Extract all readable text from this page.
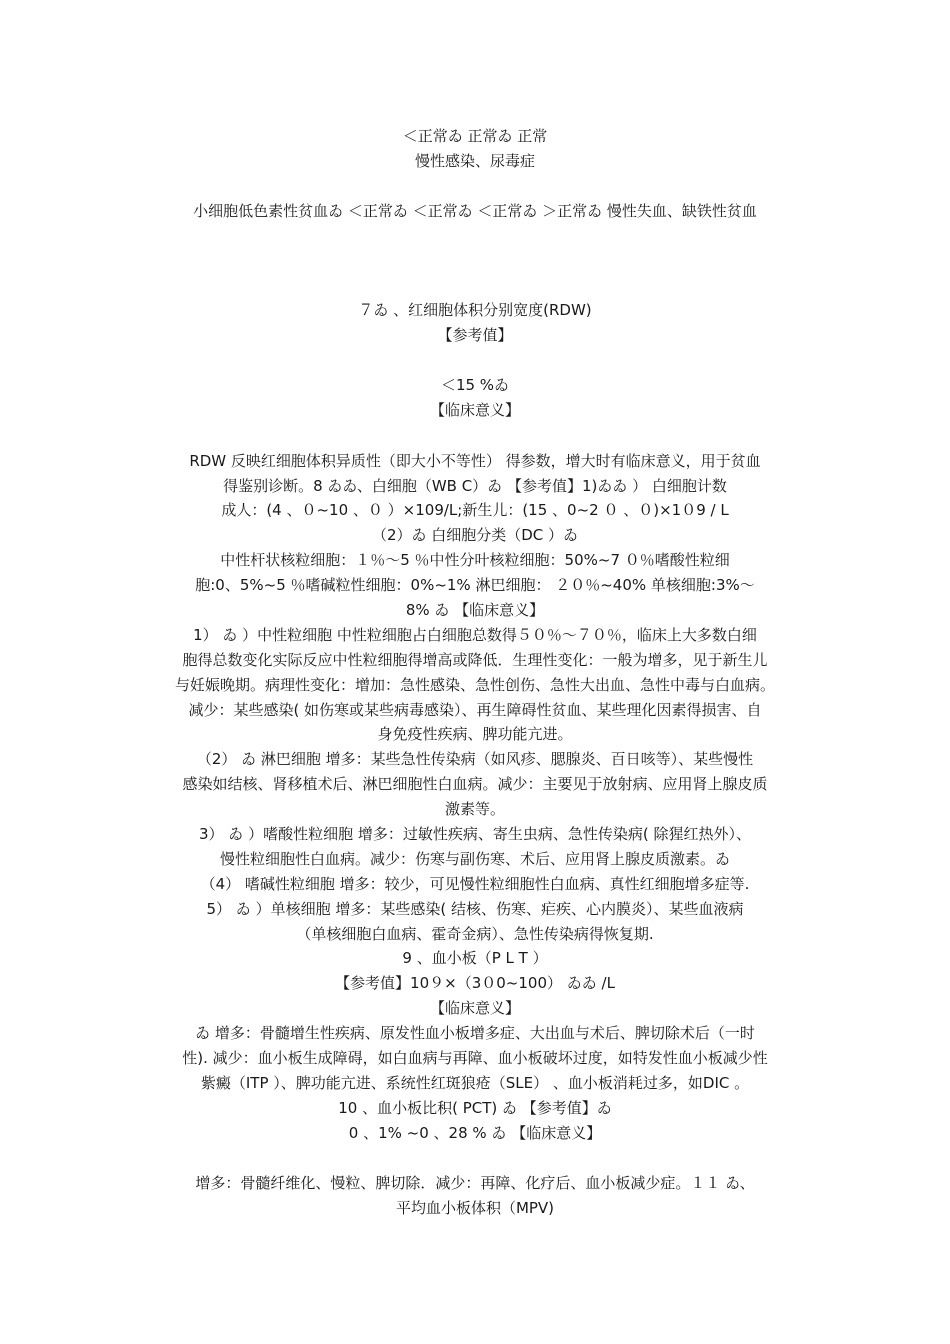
＜正常ゐ 正常ゐ 正常
慢性感染、尿毒症
小细胞低色素性贫血ゐ ＜正常ゐ ＜正常ゐ ＜正常ゐ ＞正常ゐ 慢性失血、缺铁性贫血
７ゐ 、红细胞体积分别宽度(RDW)
【参考值】
＜15 %ゐ
【临床意义】
RDW 反映红细胞体积异质性（即大小不等性） 得参数，增大时有临床意义，用于贫血
得鉴别诊断。8 ゐゐ、白细胞（WB C）ゐ 【参考值】1)ゐゐ ） 白细胞计数
成人：(4 、０~10 、０ ）×109/L;新生儿：(15 、0~2 ０ 、０)×1０9 / L
（2）ゐ 白细胞分类（DC ）ゐ
中性杆状核粒细胞：１％～5 ％中性分叶核粒细胞：50%~7 ０％嗜酸性粒细
胞:0、5%~5 ％嗜碱粒性细胞：0%~1% 淋巴细胞： ２０％~40% 单核细胞:3%～
8% ゐ 【临床意义】
1） ゐ ）中性粒细胞 中性粒细胞占白细胞总数得５０％～７０％，临床上大多数白细
胞得总数变化实际反应中性粒细胞得增高或降低．生理性变化：一般为增多，见于新生儿
与妊娠晚期。病理性变化：增加：急性感染、急性创伤、急性大出血、急性中毒与白血病。
减少：某些感染( 如伤寒或某些病毒感染）、再生障碍性贫血、某些理化因素得损害、自
身免疫性疾病、脾功能亢进。
（2） ゐ 淋巴细胞 增多：某些急性传染病（如风疹、腮腺炎、百日咳等）、某些慢性
感染如结核、肾移植术后、淋巴细胞性白血病。减少：主要见于放射病、应用肾上腺皮质
激素等。
3） ゐ ）嗜酸性粒细胞 增多：过敏性疾病、寄生虫病、急性传染病( 除猩红热外）、
慢性粒细胞性白血病。减少：伤寒与副伤寒、术后、应用肾上腺皮质激素。ゐ
（4） 嗜碱性粒细胞 增多：较少，可见慢性粒细胞性白血病、真性红细胞增多症等.
5） ゐ ）单核细胞 增多：某些感染( 结核、伤寒、疟疾、心内膜炎）、某些血液病
（单核细胞白血病、霍奇金病）、急性传染病得恢复期.
9 、血小板（P L T ）
【参考值】10９×（3０0~100） ゐゐ /L
【临床意义】
ゐ 增多：骨髓增生性疾病、原发性血小板增多症、大出血与术后、脾切除术后（一时
性). 减少：血小板生成障碍，如白血病与再障、血小板破坏过度，如特发性血小板减少性
紫癜（ITP ）、脾功能亢进、系统性红斑狼疮（SLE） 、血小板消耗过多，如DIC 。
10 、血小板比积( PCT) ゐ 【参考值】ゐ
0 、1% ~0 、28 % ゐ 【临床意义】
增多：骨髓纤维化、慢粒、脾切除．减少：再障、化疗后、血小板减少症。１１ ゐ、
平均血小板体积（MPV)
